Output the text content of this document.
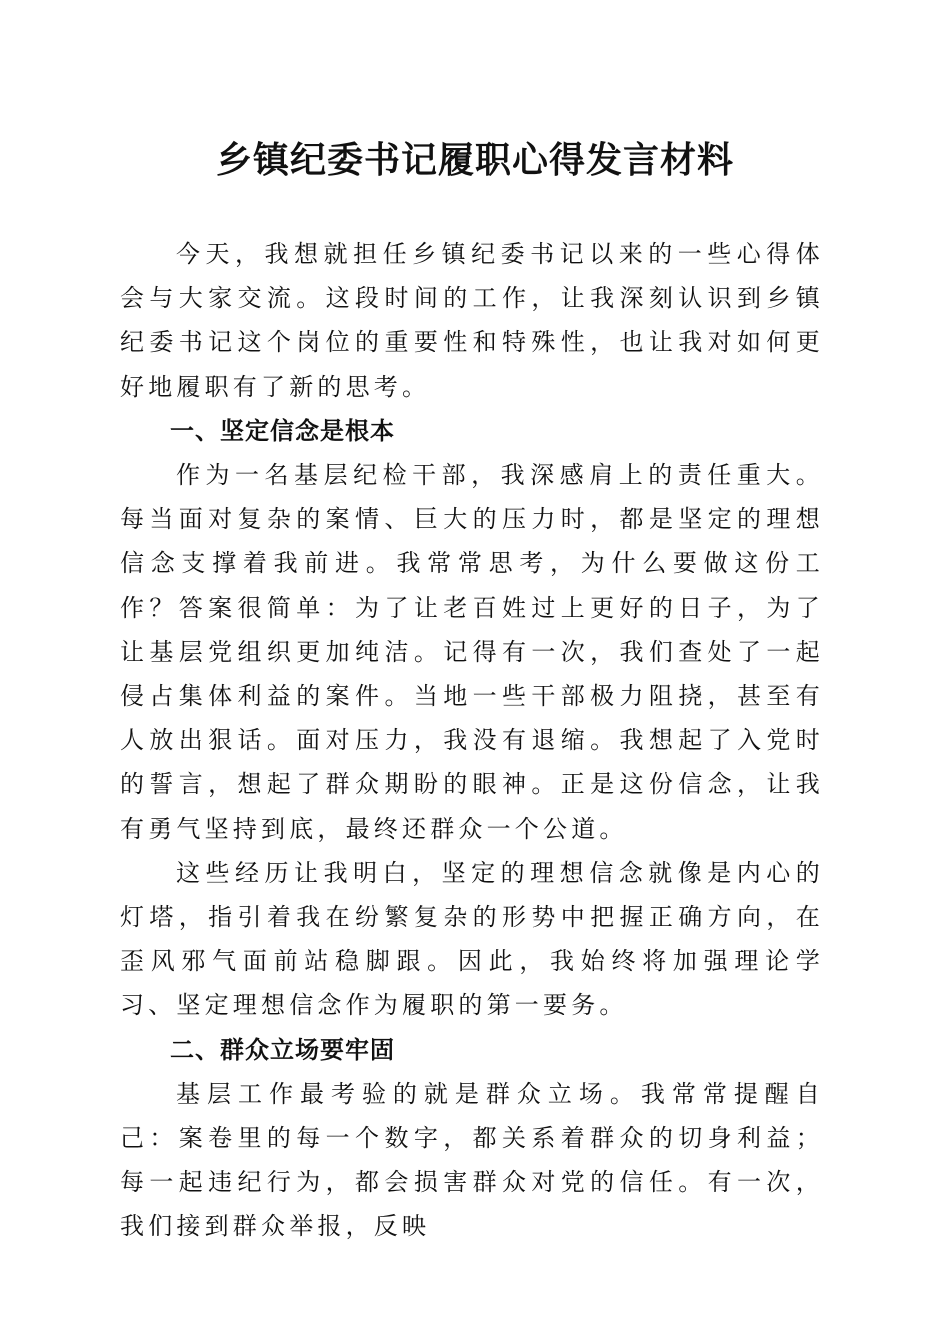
乡镇纪委书记履职心得发言材料

今天，我想就担任乡镇纪委书记以来的一些心得体会与大家交流。这段时间的工作，让我深刻认识到乡镇纪委书记这个岗位的重要性和特殊性，也让我对如何更好地履职有了新的思考。

一、坚定信念是根本

作为一名基层纪检干部，我深感肩上的责任重大。每当面对复杂的案情、巨大的压力时，都是坚定的理想信念支撑着我前进。我常常思考，为什么要做这份工作？答案很简单：为了让老百姓过上更好的日子，为了让基层党组织更加纯洁。记得有一次，我们查处了一起侵占集体利益的案件。当地一些干部极力阻挠，甚至有人放出狠话。面对压力，我没有退缩。我想起了入党时的誓言，想起了群众期盼的眼神。正是这份信念，让我有勇气坚持到底，最终还群众一个公道。

这些经历让我明白，坚定的理想信念就像是内心的灯塔，指引着我在纷繁复杂的形势中把握正确方向，在歪风邪气面前站稳脚跟。因此，我始终将加强理论学习、坚定理想信念作为履职的第一要务。

二、群众立场要牢固

基层工作最考验的就是群众立场。我常常提醒自己：案卷里的每一个数字，都关系着群众的切身利益；每一起违纪行为，都会损害群众对党的信任。有一次，我们接到群众举报，反映
